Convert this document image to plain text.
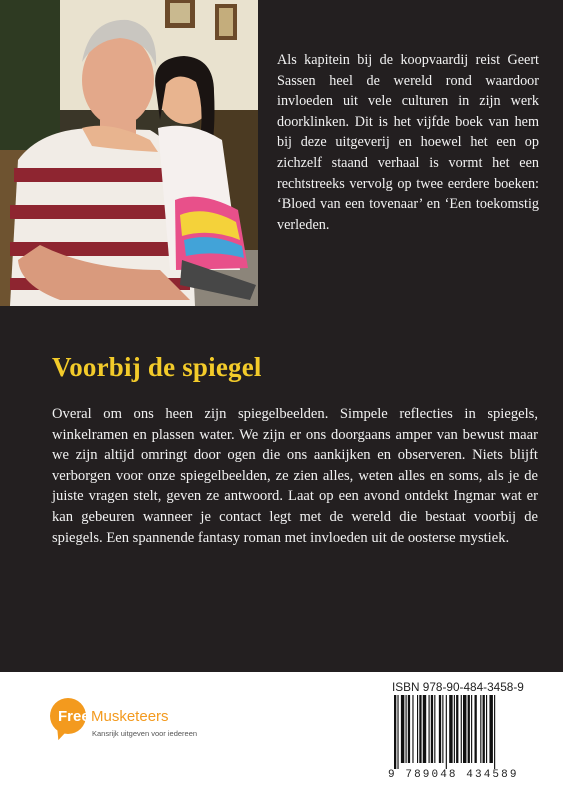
Als kapitein bij de koopvaardij reist Geert Sassen heel de wereld rond waardoor invloeden uit vele culturen in zijn werk doorklinken. Dit is het vijfde boek van hem bij deze uitgeverij en hoewel het een op zichzelf staand verhaal is vormt het een rechtstreeks vervolg op twee eerdere boeken: ‘Bloed van een tovenaar’ en ‘Een toekomstig verleden.

Voorbij de spiegel

Overal om ons heen zijn spiegelbeelden. Simpele reflecties in spiegels, winkelramen en plassen water. We zijn er ons doorgaans amper van bewust maar we zijn altijd omringt door ogen die ons aankijken en observeren. Niets blijft verborgen voor onze spiegelbeelden, ze zien alles, weten alles en soms, als je de juiste vragen stelt, geven ze antwoord. Laat op een avond ontdekt Ingmar wat er kan gebeuren wanneer je contact legt met de wereld die bestaat voorbij de spiegels. Een spannende fantasy roman met invloeden uit de oosterse mystiek.

Free Musketeers
Kansrijk uitgeven voor iedereen
ISBN 978-90-484-3458-9
9 789048 434589
